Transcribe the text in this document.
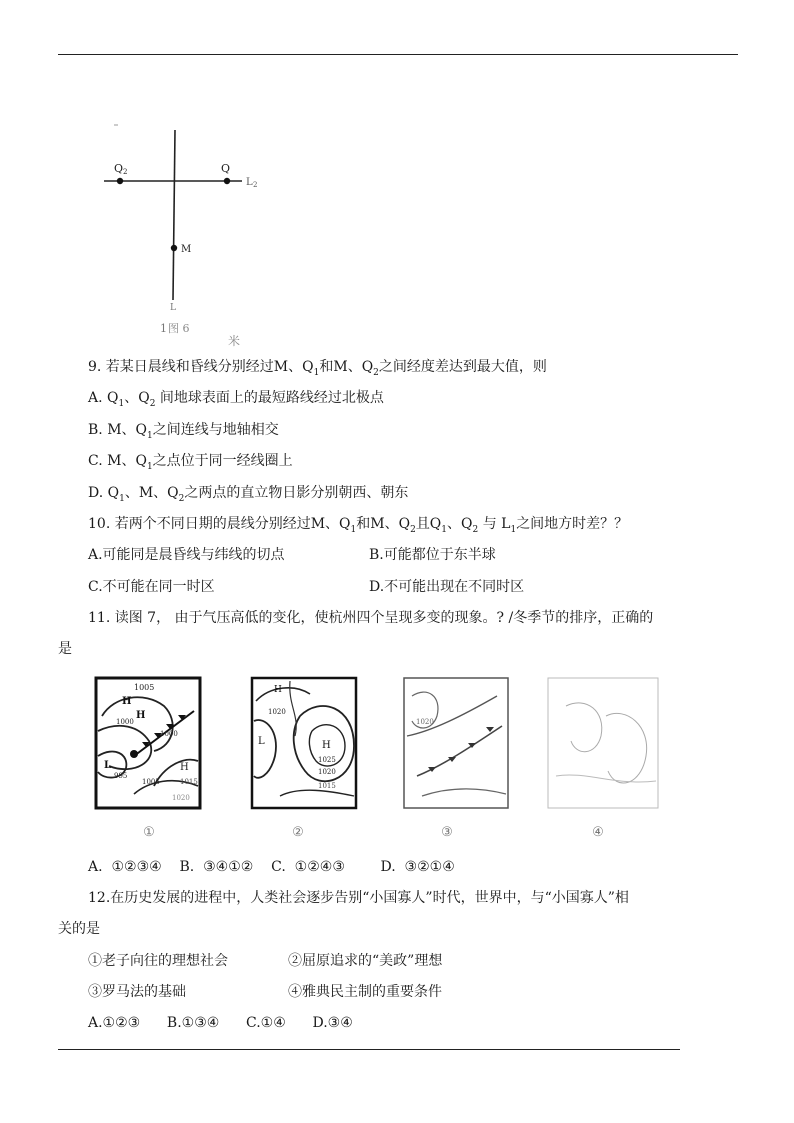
Q 2	Q
L 2
M
L
1 图 6
米
9. 若某日晨线和昏线分别经过M、$Q_1$和M、$Q_2$之间经度差达到最大值，则
A. $Q_1$、$Q_2$ 间地球表面上的最短路线经过北极点
B. M、$Q_1$之间连线与地轴相交
C. M、$Q_1$之点位于同一经线圈上
D. $Q_1$、M、$Q_2$之两点的直立物日影分别朝西、朝东
10. 若两个不同日期的晨线分别经过M、$Q_1$和M、$Q_2$且$Q_1$、$Q_2$ 与 $L_1$之间地方时差？？
A.可能同是晨昏线与纬线的切点	B.可能都位于东半球
C.不可能在同一时区	D.不可能出现在不同时区
11. 读图 7， 由于气压高低的变化，使杭州四个呈现多变的现象。? /冬季节的排序，正确的
是
1005
H
1000
H
1000
L
995
1005
H
1015
1020
①
H
1020
L	H
1025
1020
1015
②
1020
③	④
A.  ①②③④    B.  ③④①②    C.  ①②④③        D.  ③②①④
12.在历史发展的进程中，人类社会逐步告别“小国寡人”时代，世界中，与“小国寡人”相
关的是
①老子向往的理想社会	②屈原追求的“美政”理想
③罗马法的基础	④雅典民主制的重要条件
A.①②③      B.①③④      C.①④      D.③④
